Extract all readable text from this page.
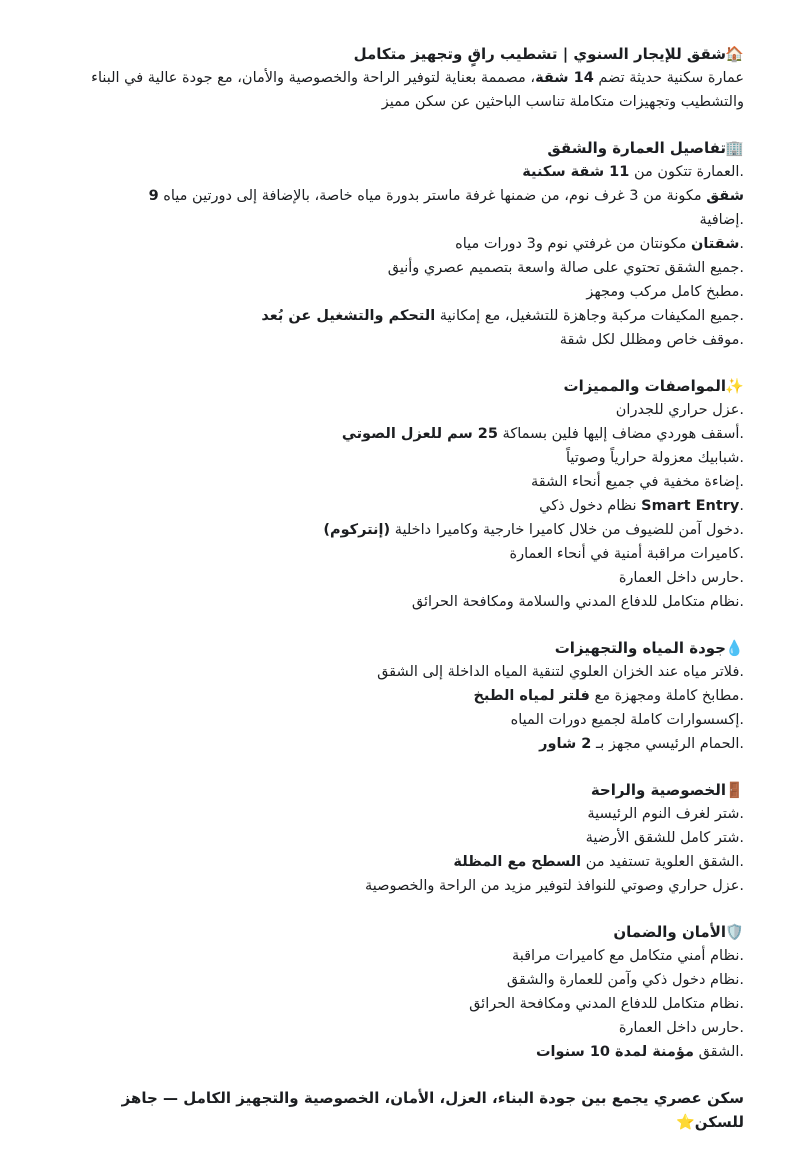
🏠شقق للإيجار السنوي | تشطيب راقٍ وتجهيز متكامل
عمارة سكنية حديثة تضم 14 شقة، مصممة بعناية لتوفير الراحة والخصوصية والأمان، مع جودة عالية في البناء والتشطيب وتجهيزات متكاملة تناسب الباحثين عن سكن مميز
🏢تفاصيل العمارة والشقق
.العمارة تتكون من 11 شقة سكنية
شقق مكونة من 3 غرف نوم، من ضمنها غرفة ماستر بدورة مياه خاصة، بالإضافة إلى دورتين مياه 9
.إضافية
.شقتان مكونتان من غرفتي نوم و3 دورات مياه
.جميع الشقق تحتوي على صالة واسعة بتصميم عصري وأنيق
.مطبخ كامل مركب ومجهز
.جميع المكيفات مركبة وجاهزة للتشغيل، مع إمكانية التحكم والتشغيل عن بُعد
.موقف خاص ومظلل لكل شقة
✨المواصفات والمميزات
.عزل حراري للجدران
.أسقف هوردي مضاف إليها فلين بسماكة 25 سم للعزل الصوتي
.شبابيك معزولة حرارياً وصوتياً
.إضاءة مخفية في جميع أنحاء الشقة
.Smart Entry نظام دخول ذكي
.دخول آمن للضيوف من خلال كاميرا خارجية وكاميرا داخلية (إنتركوم)
.كاميرات مراقبة أمنية في أنحاء العمارة
.حارس داخل العمارة
.نظام متكامل للدفاع المدني والسلامة ومكافحة الحرائق
💧جودة المياه والتجهيزات
.فلاتر مياه عند الخزان العلوي لتنقية المياه الداخلة إلى الشقق
.مطابخ كاملة ومجهزة مع فلتر لمياه الطبخ
.إكسسوارات كاملة لجميع دورات المياه
.الحمام الرئيسي مجهز بـ 2 شاور
🚪الخصوصية والراحة
.شتر لغرف النوم الرئيسية
.شتر كامل للشقق الأرضية
.الشقق العلوية تستفيد من السطح مع المظلة
.عزل حراري وصوتي للنوافذ لتوفير مزيد من الراحة والخصوصية
🛡️الأمان والضمان
.نظام أمني متكامل مع كاميرات مراقبة
.نظام دخول ذكي وآمن للعمارة والشقق
.نظام متكامل للدفاع المدني ومكافحة الحرائق
.حارس داخل العمارة
.الشقق مؤمنة لمدة 10 سنوات
سكن عصري يجمع بين جودة البناء، العزل، الأمان، الخصوصية والتجهيز الكامل — جاهز للسكن⭐
